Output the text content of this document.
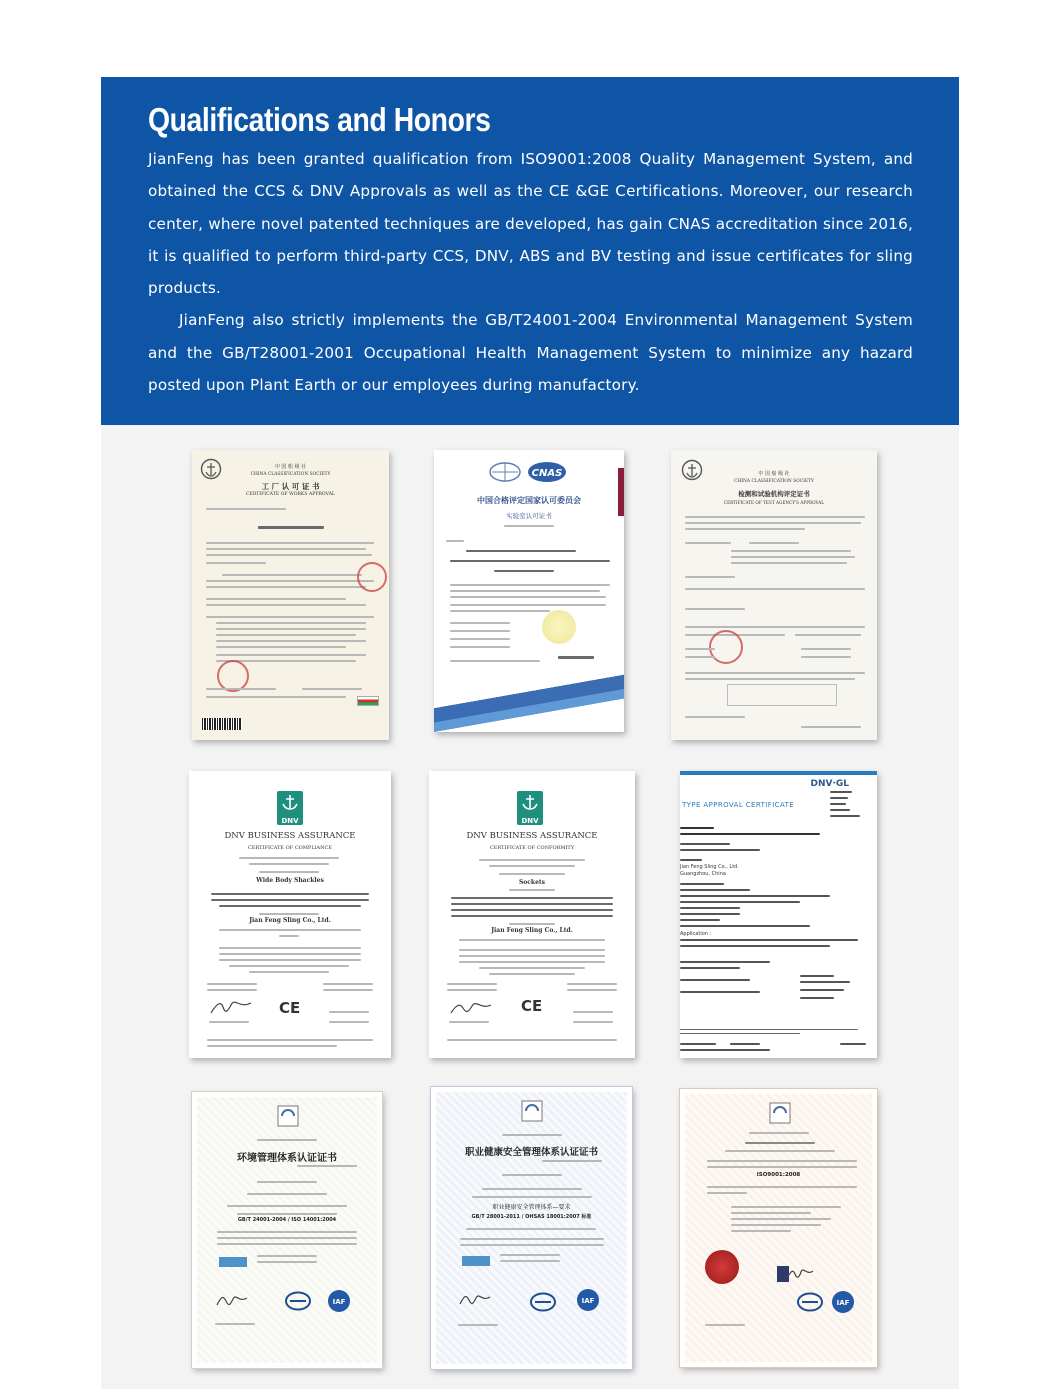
Qualifications and Honors

JianFeng has been granted qualification from ISO9001:2008 Quality Management System, and obtained the CCS & DNV Approvals as well as the CE &GE Certifications. Moreover, our research center, where novel patented techniques are developed, has gain CNAS accreditation since 2016, it is qualified to perform third-party CCS, DNV, ABS and BV testing and issue certificates for sling products.

JianFeng also strictly implements the GB/T24001-2004 Environmental Management System and the GB/T28001-2001 Occupational Health Management System to minimize any hazard posted upon Plant Earth or our employees during manufactory.

中 国 船 级 社
CHINA CLASSIFICATION SOCIETY
工 厂 认 可 证 书
CERTIFICATE OF WORKS APPROVAL
CNAS
中国合格评定国家认可委员会
实验室认可证书
中 国 船 级 社
CHINA CLASSIFICATION SOCIETY
检测和试验机构评定证书
CERTIFICATE OF TEST AGENCY'S APPROVAL
DNV
DNV BUSINESS ASSURANCE
CERTIFICATE OF COMPLIANCE
Wide Body Shackles
Jian Feng Sling Co., Ltd.
CE
DNV
DNV BUSINESS ASSURANCE
CERTIFICATE OF CONFORMITY
Sockets
Jian Feng Sling Co., Ltd.
CE
DNV·GL
TYPE APPROVAL CERTIFICATE
Jian Feng Sling Co., Ltd.
Guangzhou, China
Application :
环境管理体系认证证书
GB/T 24001-2004 / ISO 14001:2004
IAF
职业健康安全管理体系认证证书
职业健康安全管理体系—要求
GB/T 28001-2011 / OHSAS 18001:2007 标准
IAF
ISO9001:2008
IAF
